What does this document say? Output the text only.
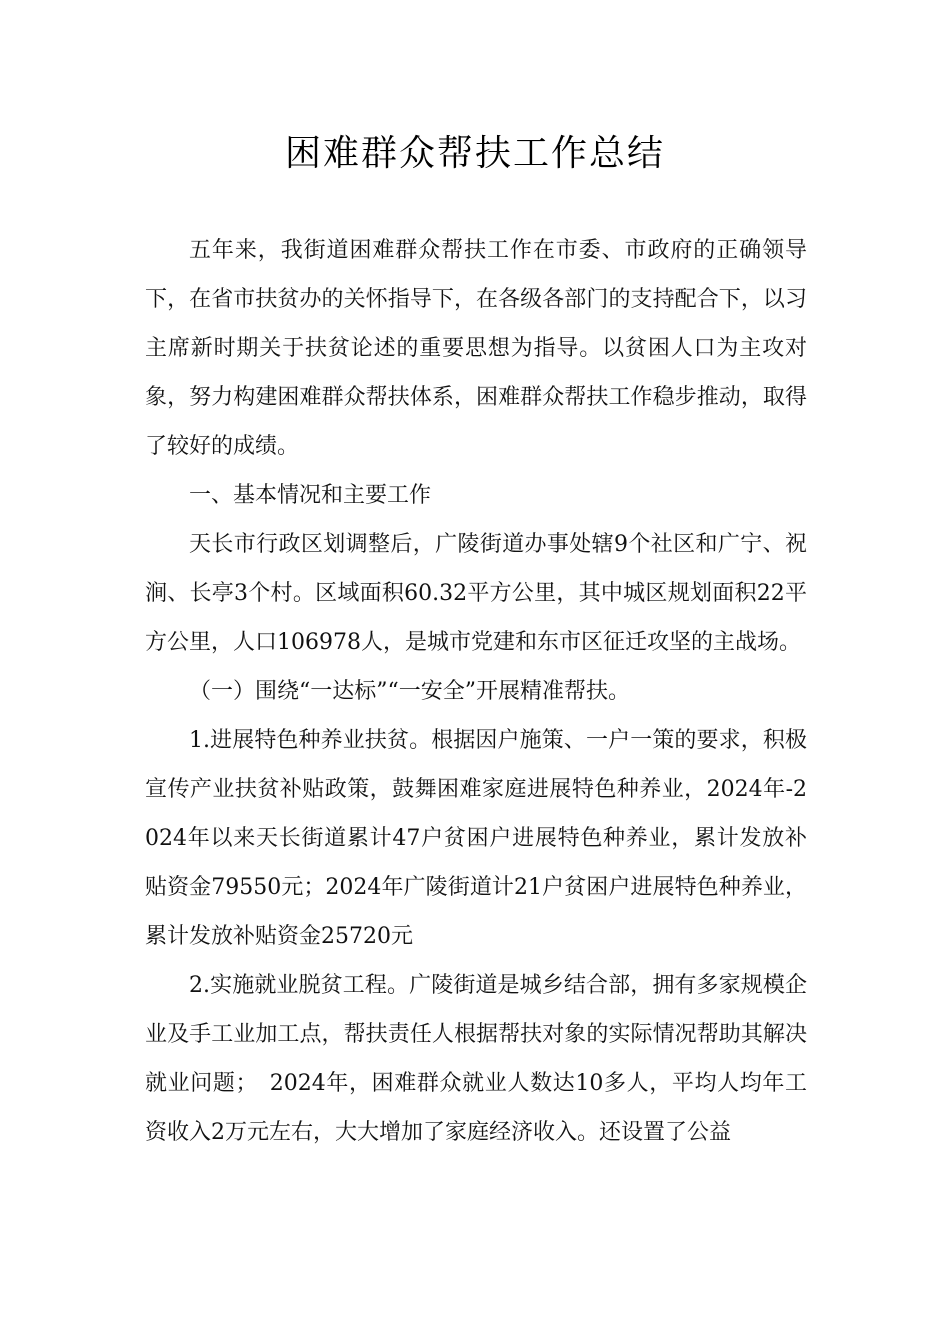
困难群众帮扶工作总结

五年来，我街道困难群众帮扶工作在市委、市政府的正确领导下，在省市扶贫办的关怀指导下，在各级各部门的支持配合下，以习主席新时期关于扶贫论述的重要思想为指导。以贫困人口为主攻对象，努力构建困难群众帮扶体系，困难群众帮扶工作稳步推动，取得了较好的成绩。

一、基本情况和主要工作

天长市行政区划调整后，广陵街道办事处辖9个社区和广宁、祝涧、长亭3个村。区域面积60.32平方公里，其中城区规划面积22平方公里，人口106978人，是城市党建和东市区征迁攻坚的主战场。

（一）围绕“一达标”“一安全”开展精准帮扶。

1.进展特色种养业扶贫。根据因户施策、一户一策的要求，积极宣传产业扶贫补贴政策，鼓舞困难家庭进展特色种养业，2024年-2024年以来天长街道累计47户贫困户进展特色种养业，累计发放补贴资金79550元；2024年广陵街道计21户贫困户进展特色种养业，累计发放补贴资金25720元

2.实施就业脱贫工程。广陵街道是城乡结合部，拥有多家规模企业及手工业加工点，帮扶责任人根据帮扶对象的实际情况帮助其解决就业问题；　2024年，困难群众就业人数达10多人，平均人均年工资收入2万元左右，大大增加了家庭经济收入。还设置了公益
